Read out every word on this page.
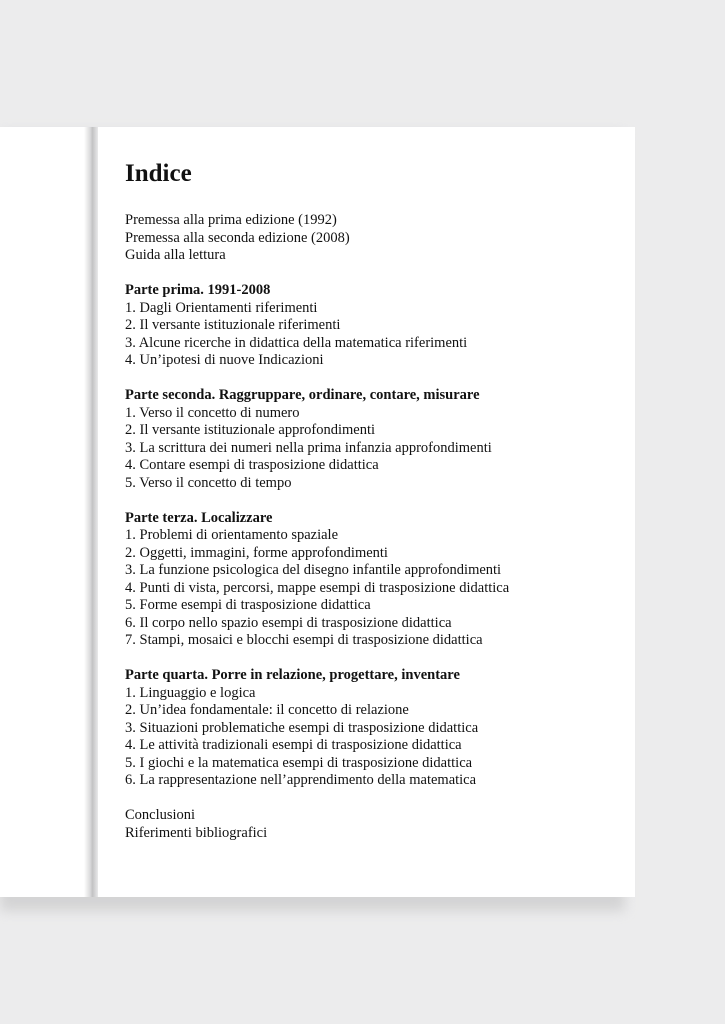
Indice
Premessa alla prima edizione (1992)
Premessa alla seconda edizione (2008)
Guida alla lettura
Parte prima. 1991-2008
1. Dagli Orientamenti riferimenti
2. Il versante istituzionale riferimenti
3. Alcune ricerche in didattica della matematica riferimenti
4. Un’ipotesi di nuove Indicazioni
Parte seconda. Raggruppare, ordinare, contare, misurare
1. Verso il concetto di numero
2. Il versante istituzionale approfondimenti
3. La scrittura dei numeri nella prima infanzia approfondimenti
4. Contare esempi di trasposizione didattica
5. Verso il concetto di tempo
Parte terza. Localizzare
1. Problemi di orientamento spaziale
2. Oggetti, immagini, forme approfondimenti
3. La funzione psicologica del disegno infantile approfondimenti
4. Punti di vista, percorsi, mappe esempi di trasposizione didattica
5. Forme esempi di trasposizione didattica
6. Il corpo nello spazio esempi di trasposizione didattica
7. Stampi, mosaici e blocchi esempi di trasposizione didattica
Parte quarta. Porre in relazione, progettare, inventare
1. Linguaggio e logica
2. Un’idea fondamentale: il concetto di relazione
3. Situazioni problematiche esempi di trasposizione didattica
4. Le attività tradizionali esempi di trasposizione didattica
5. I giochi e la matematica esempi di trasposizione didattica
6. La rappresentazione nell’apprendimento della matematica
Conclusioni
Riferimenti bibliografici
